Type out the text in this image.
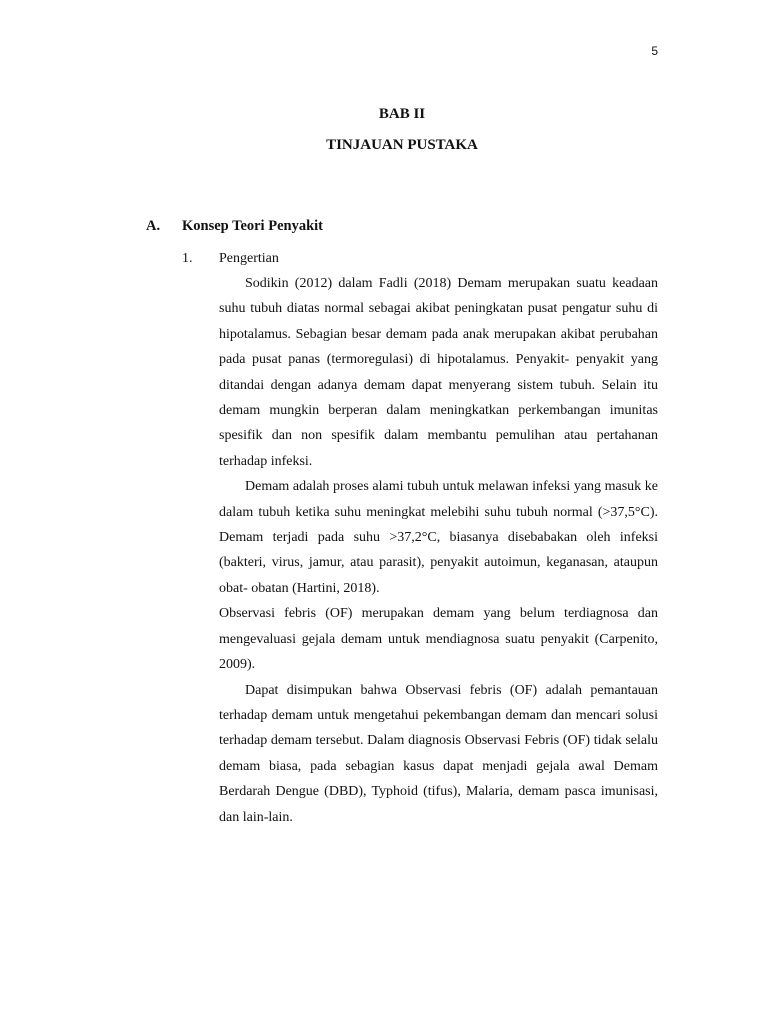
5
BAB II
TINJAUAN PUSTAKA
A. Konsep Teori Penyakit
1. Pengertian

Sodikin (2012) dalam Fadli (2018) Demam merupakan suatu keadaan suhu tubuh diatas normal sebagai akibat peningkatan pusat pengatur suhu di hipotalamus. Sebagian besar demam pada anak merupakan akibat perubahan pada pusat panas (termoregulasi) di hipotalamus. Penyakit- penyakit yang ditandai dengan adanya demam dapat menyerang sistem tubuh. Selain itu demam mungkin berperan dalam meningkatkan perkembangan imunitas spesifik dan non spesifik dalam membantu pemulihan atau pertahanan terhadap infeksi.

Demam adalah proses alami tubuh untuk melawan infeksi yang masuk ke dalam tubuh ketika suhu meningkat melebihi suhu tubuh normal (>37,5°C). Demam terjadi pada suhu >37,2°C, biasanya disebabakan oleh infeksi (bakteri, virus, jamur, atau parasit), penyakit autoimun, keganasan, ataupun obat- obatan (Hartini, 2018).

Observasi febris (OF) merupakan demam yang belum terdiagnosa dan mengevaluasi gejala demam untuk mendiagnosa suatu penyakit (Carpenito, 2009).

Dapat disimpukan bahwa Observasi febris (OF) adalah pemantauan terhadap demam untuk mengetahui pekembangan demam dan mencari solusi terhadap demam tersebut. Dalam diagnosis Observasi Febris (OF) tidak selalu demam biasa, pada sebagian kasus dapat menjadi gejala awal Demam Berdarah Dengue (DBD), Typhoid (tifus), Malaria, demam pasca imunisasi, dan lain-lain.
